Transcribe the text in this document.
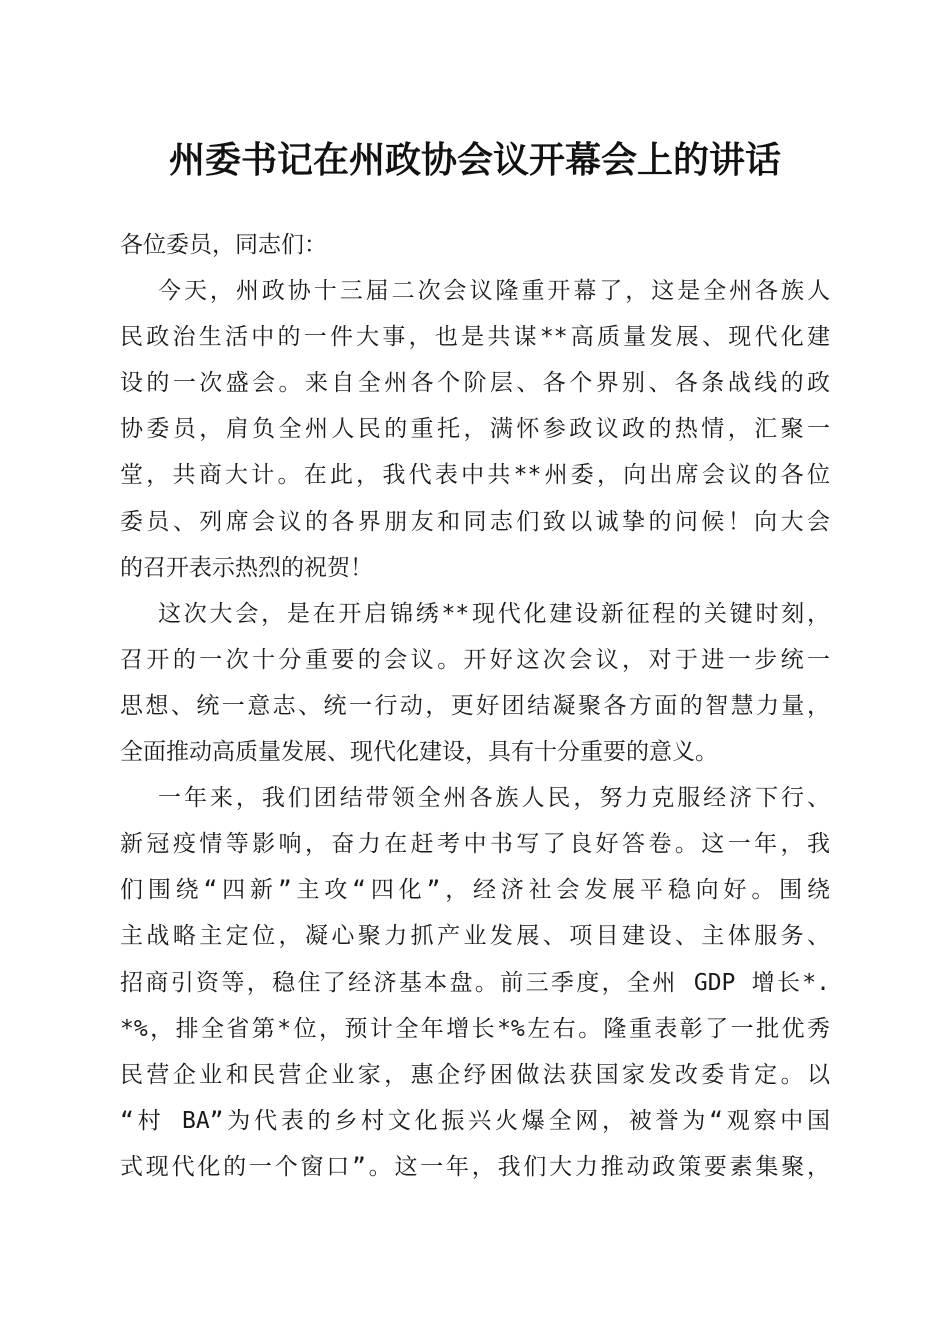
州委书记在州政协会议开幕会上的讲话
各位委员，同志们：
今天，州政协十三届二次会议隆重开幕了，这是全州各族人
民政治生活中的一件大事，也是共谋**高质量发展、现代化建
设的一次盛会。来自全州各个阶层、各个界别、各条战线的政
协委员，肩负全州人民的重托，满怀参政议政的热情，汇聚一
堂，共商大计。在此，我代表中共**州委，向出席会议的各位
委员、列席会议的各界朋友和同志们致以诚挚的问候！向大会
的召开表示热烈的祝贺！
这次大会，是在开启锦绣**现代化建设新征程的关键时刻，
召开的一次十分重要的会议。开好这次会议，对于进一步统一
思想、统一意志、统一行动，更好团结凝聚各方面的智慧力量，
全面推动高质量发展、现代化建设，具有十分重要的意义。
一年来，我们团结带领全州各族人民，努力克服经济下行、
新冠疫情等影响，奋力在赶考中书写了良好答卷。这一年，我
们围绕“四新”主攻“四化”，经济社会发展平稳向好。围绕
主战略主定位，凝心聚力抓产业发展、项目建设、主体服务、
招商引资等，稳住了经济基本盘。前三季度，全州 GDP 增长*.
*%，排全省第*位，预计全年增长*%左右。隆重表彰了一批优秀
民营企业和民营企业家，惠企纾困做法获国家发改委肯定。以
“村 BA”为代表的乡村文化振兴火爆全网，被誉为“观察中国
式现代化的一个窗口”。这一年，我们大力推动政策要素集聚，
